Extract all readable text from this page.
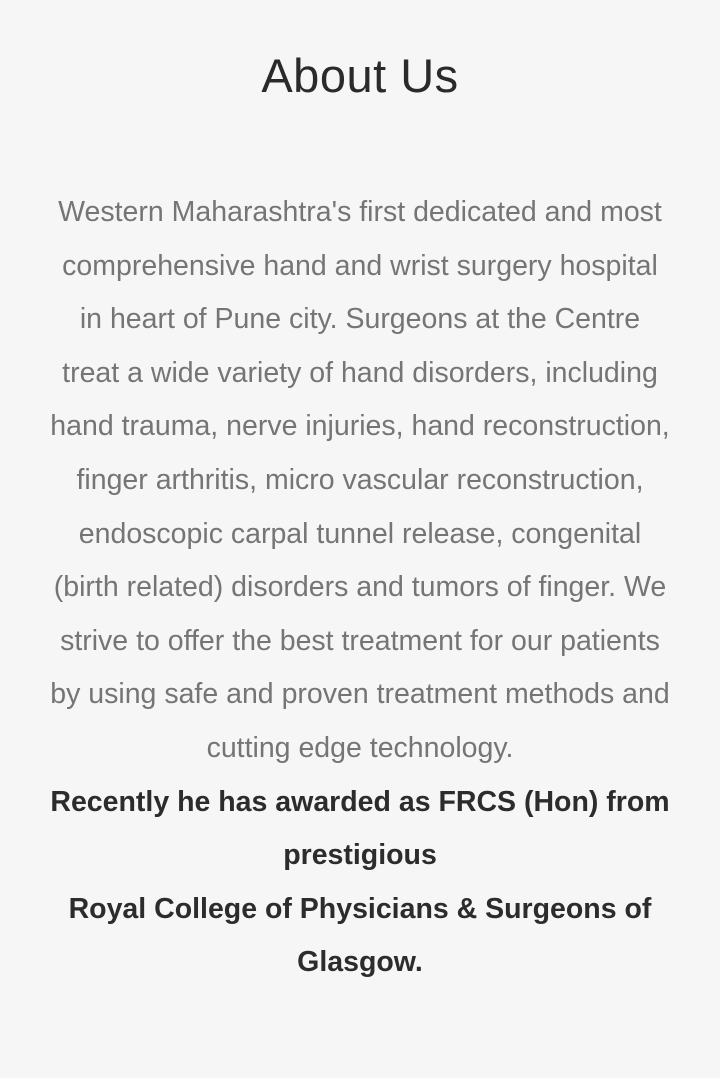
About Us

Western Maharashtra's first dedicated and most comprehensive hand and wrist surgery hospital in heart of Pune city. Surgeons at the Centre treat a wide variety of hand disorders, including hand trauma, nerve injuries, hand reconstruction, finger arthritis, micro vascular reconstruction, endoscopic carpal tunnel release, congenital (birth related) disorders and tumors of finger. We strive to offer the best treatment for our patients by using safe and proven treatment methods and cutting edge technology.

Recently he has awarded as FRCS (Hon) from prestigious

Royal College of Physicians & Surgeons of Glasgow.
